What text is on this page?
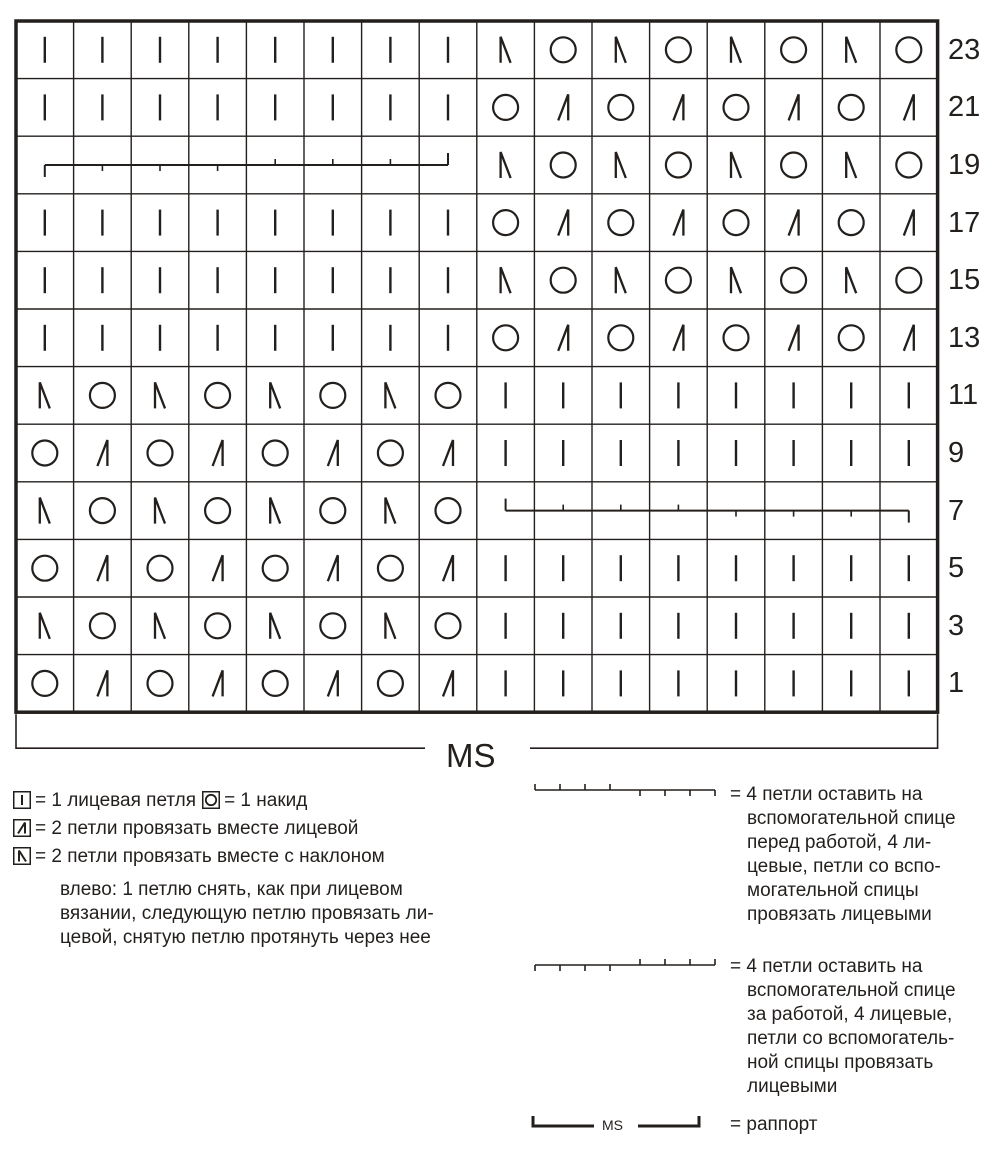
23
21
19
17
15
13
11
9
7
5
3
1
MS
= 1 лицевая петля = 1 накид
= 2 петли провязать вместе лицевой
= 2 петли провязать вместе с наклоном
влево: 1 петлю снять, как при лицевом
вязании, следующую петлю провязать ли-
цевой, снятую петлю протянуть через нее
= 4 петли оставить на
вспомогательной спице
перед работой, 4 ли-
цевые, петли со вспо-
могательной спицы
провязать лицевыми
= 4 петли оставить на
вспомогательной спице
за работой, 4 лицевые,
петли со вспомогатель-
ной спицы провязать
лицевыми
MS	= раппорт
